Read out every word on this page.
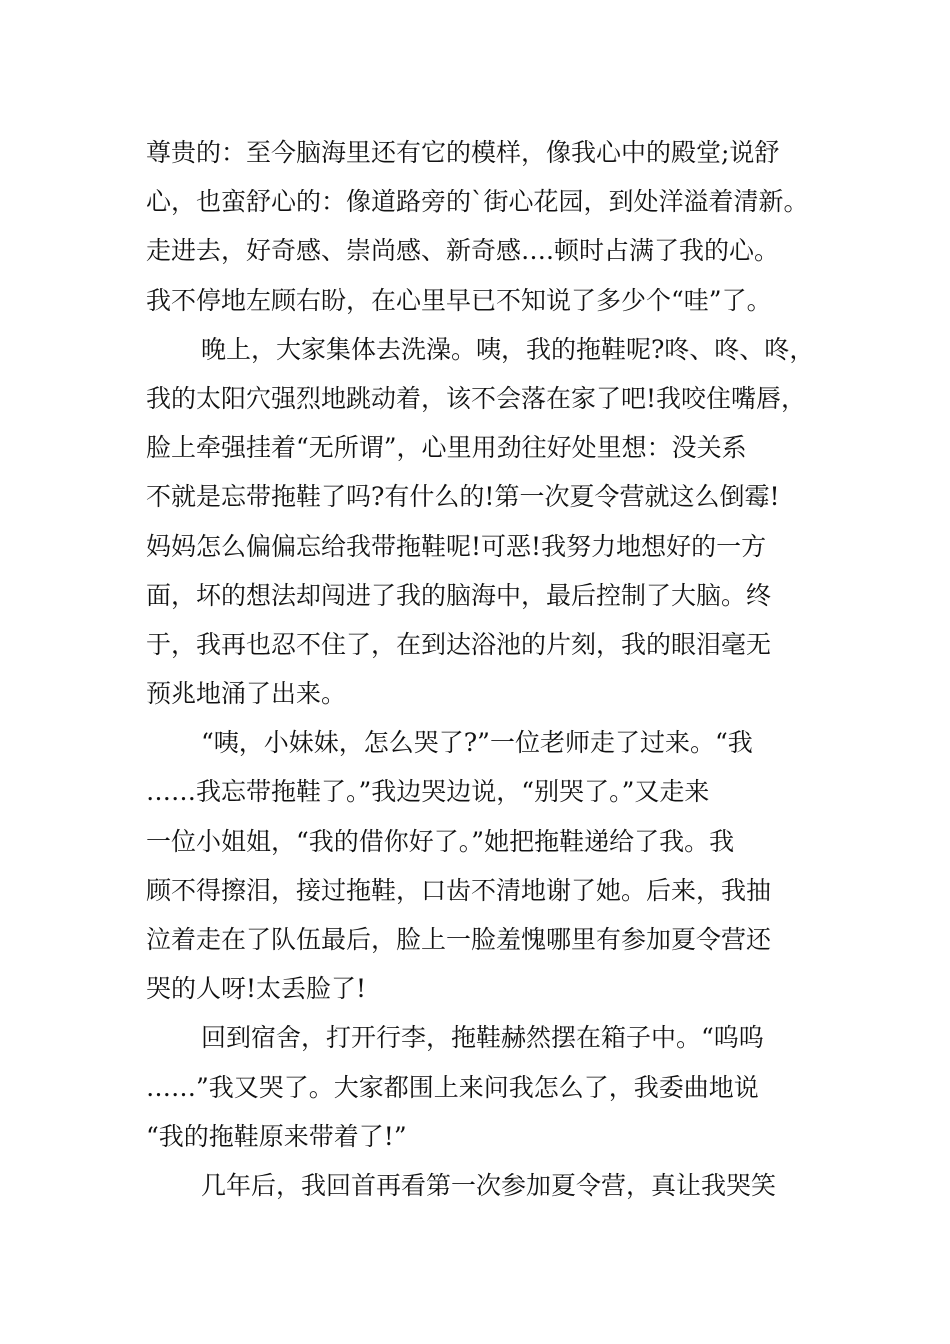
尊贵的：至今脑海里还有它的模样，像我心中的殿堂;说舒
心，也蛮舒心的：像道路旁的`街心花园，到处洋溢着清新。
走进去，好奇感、崇尚感、新奇感….顿时占满了我的心。
我不停地左顾右盼，在心里早已不知说了多少个“哇”了。
晚上，大家集体去洗澡。咦，我的拖鞋呢?咚、咚、咚，
我的太阳穴强烈地跳动着，该不会落在家了吧!我咬住嘴唇，
脸上牵强挂着“无所谓”，心里用劲往好处里想：没关系
不就是忘带拖鞋了吗?有什么的!第一次夏令营就这么倒霉!
妈妈怎么偏偏忘给我带拖鞋呢!可恶!我努力地想好的一方
面，坏的想法却闯进了我的脑海中，最后控制了大脑。终
于，我再也忍不住了，在到达浴池的片刻，我的眼泪毫无
预兆地涌了出来。
“咦，小妹妹，怎么哭了?”一位老师走了过来。“我
……我忘带拖鞋了。”我边哭边说，“别哭了。”又走来
一位小姐姐，“我的借你好了。”她把拖鞋递给了我。我
顾不得擦泪，接过拖鞋，口齿不清地谢了她。后来，我抽
泣着走在了队伍最后，脸上一脸羞愧哪里有参加夏令营还
哭的人呀!太丢脸了!
回到宿舍，打开行李，拖鞋赫然摆在箱子中。“呜呜
……”我又哭了。大家都围上来问我怎么了，我委曲地说
“我的拖鞋原来带着了!”
几年后，我回首再看第一次参加夏令营，真让我哭笑
